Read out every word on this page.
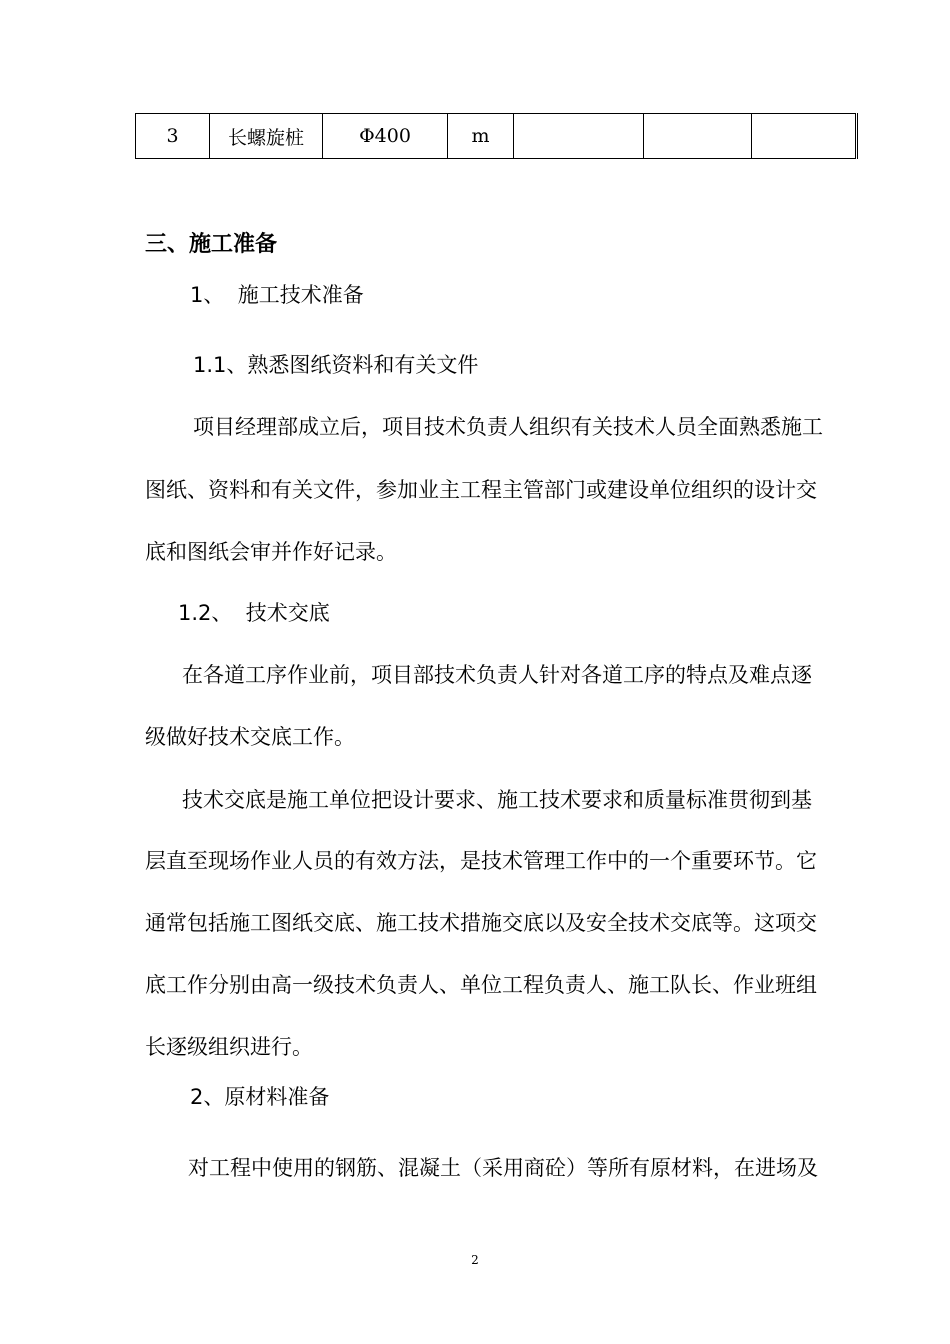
3	长螺旋桩	Φ400	m			
三、施工准备
1、  施工技术准备
1.1、熟悉图纸资料和有关文件
项目经理部成立后，项目技术负责人组织有关技术人员全面熟悉施工
图纸、资料和有关文件，参加业主工程主管部门或建设单位组织的设计交
底和图纸会审并作好记录。
1.2、  技术交底
在各道工序作业前，项目部技术负责人针对各道工序的特点及难点逐
级做好技术交底工作。
技术交底是施工单位把设计要求、施工技术要求和质量标准贯彻到基
层直至现场作业人员的有效方法，是技术管理工作中的一个重要环节。它
通常包括施工图纸交底、施工技术措施交底以及安全技术交底等。这项交
底工作分别由高一级技术负责人、单位工程负责人、施工队长、作业班组
长逐级组织进行。
2、原材料准备
对工程中使用的钢筋、混凝土（采用商砼）等所有原材料，在进场及
2
